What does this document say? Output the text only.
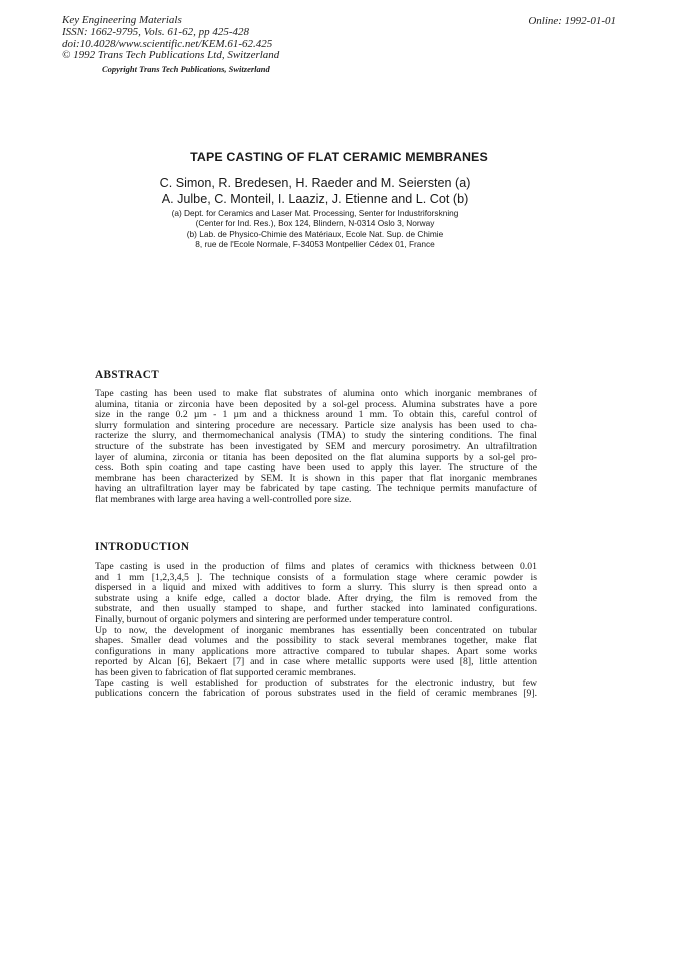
Key Engineering Materials
ISSN: 1662-9795, Vols. 61-62, pp 425-428
doi:10.4028/www.scientific.net/KEM.61-62.425
© 1992 Trans Tech Publications Ltd, Switzerland
Copyright Trans Tech Publications, Switzerland
Online: 1992-01-01
TAPE CASTING OF FLAT CERAMIC MEMBRANES
C. Simon, R. Bredesen, H. Raeder and M. Seiersten (a)
A. Julbe, C. Monteil, I. Laaziz, J. Etienne and L. Cot (b)
(a) Dept. for Ceramics and Laser Mat. Processing, Senter for Industriforskning
(Center for Ind. Res.), Box 124, Blindern, N-0314 Oslo 3, Norway
(b) Lab. de Physico-Chimie des Matériaux, Ecole Nat. Sup. de Chimie
8, rue de l'Ecole Normale, F-34053 Montpellier Cédex 01, France
ABSTRACT
Tape casting has been used to make flat substrates of alumina onto which inorganic membranes of
alumina, titania or zirconia have been deposited by a sol-gel process. Alumina substrates have a pore
size in the range 0.2 µm - 1 µm and a thickness around 1 mm. To obtain this, careful control of
slurry formulation and sintering procedure are necessary. Particle size analysis has been used to cha-
racterize the slurry, and thermomechanical analysis (TMA) to study the sintering conditions. The final
structure of the substrate has been investigated by SEM and mercury porosimetry. An ultrafiltration
layer of alumina, zirconia or titania has been deposited on the flat alumina supports by a sol-gel pro-
cess. Both spin coating and tape casting have been used to apply this layer. The structure of the
membrane has been characterized by SEM. It is shown in this paper that flat inorganic membranes
having an ultrafiltration layer may be fabricated by tape casting. The technique permits manufacture of
flat membranes with large area having a well-controlled pore size.
INTRODUCTION
Tape casting is used in the production of films and plates of ceramics with thickness between 0.01
and 1 mm [1,2,3,4,5 ]. The technique consists of a formulation stage where ceramic powder is
dispersed in a liquid and mixed with additives to form a slurry. This slurry is then spread onto a
substrate using a knife edge, called a doctor blade. After drying, the film is removed from the
substrate, and then usually stamped to shape, and further stacked into laminated configurations.
Finally, burnout of organic polymers and sintering are performed under temperature control.
Up to now, the development of inorganic membranes has essentially been concentrated on tubular
shapes. Smaller dead volumes and the possibility to stack several membranes together, make flat
configurations in many applications more attractive compared to tubular shapes. Apart some works
reported by Alcan [6], Bekaert [7] and in case where metallic supports were used [8], little attention
has been given to fabrication of flat supported ceramic membranes.
Tape casting is well established for production of substrates for the electronic industry, but few
publications concern the fabrication of porous substrates used in the field of ceramic membranes [9].
